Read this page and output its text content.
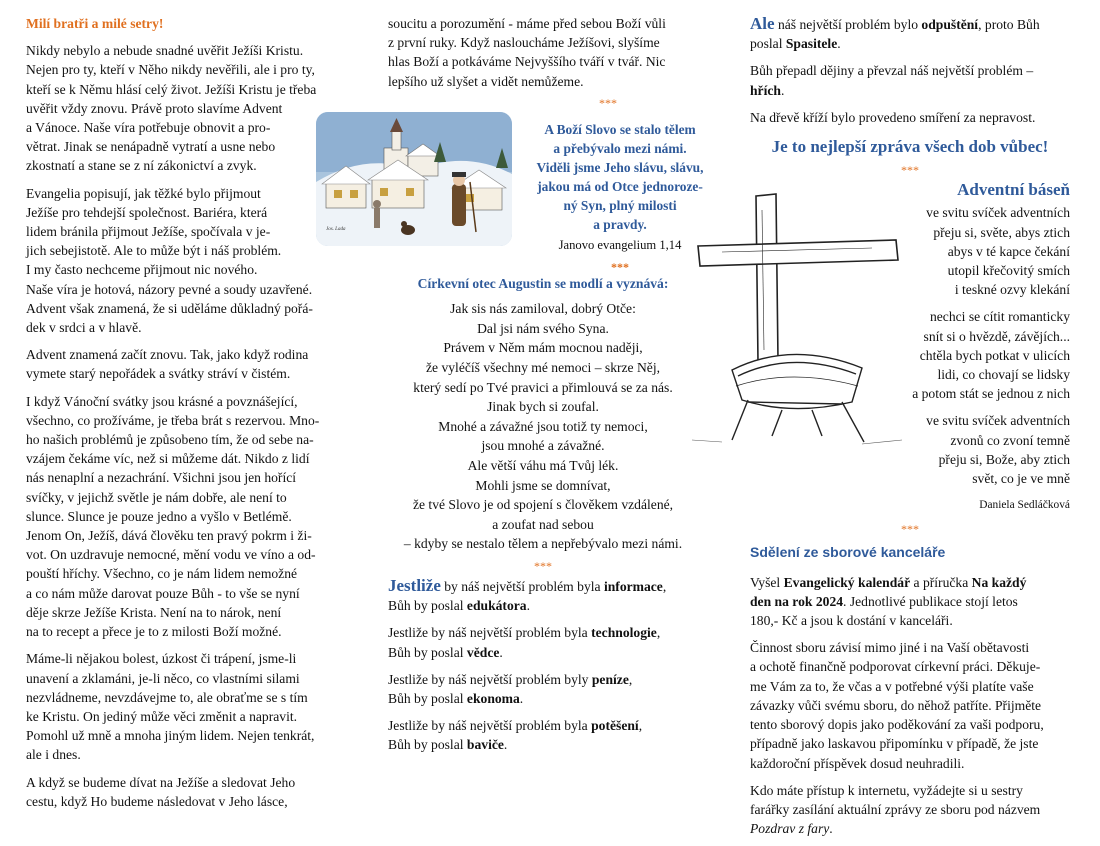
Milí bratři a milé setry!

Nikdy nebylo a nebude snadné uvěřit Ježíši Kristu.
Nejen pro ty, kteří v Něho nikdy nevěřili, ale i pro ty,
kteří se k Němu hlásí celý život. Ježíši Kristu je třeba
uvěřit vždy znovu. Právě proto slavíme Advent
a Vánoce. Naše víra potřebuje obnovit a pro-
větrat. Jinak se nenápadně vytratí a usne nebo
zkostnatí a stane se z ní zákonictví a zvyk.

Evangelia popisují, jak těžké bylo přijmout
Ježíše pro tehdejší společnost. Bariéra, která
lidem bránila přijmout Ježíše, spočívala v je-
jich sebejistotě. Ale to může být i náš problém.
I my často nechceme přijmout nic nového.
Naše víra je hotová, názory pevné a soudy uzavřené.
Advent však znamená, že si uděláme důkladný pořá-
dek v srdci a v hlavě.

Advent znamená začít znovu. Tak, jako když rodina
vymete starý nepořádek a svátky stráví v čistém.

I když Vánoční svátky jsou krásné a povznášející,
všechno, co prožíváme, je třeba brát s rezervou. Mno-
ho našich problémů je způsobeno tím, že od sebe na-
vzájem čekáme víc, než si můžeme dát. Nikdo z lidí
nás nenaplní a nezachrání. Všichni jsou jen hořící
svíčky, v jejichž světle je nám dobře, ale není to
slunce. Slunce je pouze jedno a vyšlo v Betlémě.
Jenom On, Ježíš, dává člověku ten pravý pokrm i ži-
vot. On uzdravuje nemocné, mění vodu ve víno a od-
pouští hříchy. Všechno, co je nám lidem nemožné
a co nám může darovat pouze Bůh - to vše se nyní
děje skrze Ježíše Krista. Není na to nárok, není
na to recept a přece je to z milosti Boží možné.

Máme-li nějakou bolest, úzkost či trápení, jsme-li
unavení a zklamáni, je-li něco, co vlastními silami
nezvládneme, nevzdávejme to, ale obraťme se s tím
ke Kristu. On jediný může věci změnit a napravit.
Pomohl už mně a mnoha jiným lidem. Nejen tenkrát,
ale i dnes.

A když se budeme dívat na Ježíše a sledovat Jeho
cestu, když Ho budeme následovat v Jeho lásce,

Jos. Lada

soucitu a porozumění - máme před sebou Boží vůli
z první ruky. Když nasloucháme Ježíšovi, slyšíme
hlas Boží a potkáváme Nejvyššího tváří v tvář. Nic
lepšího už slyšet a vidět nemůžeme.

***
A Boží Slovo se stalo tělem
a přebývalo mezi námi.
Viděli jsme Jeho slávu, slávu,
jakou má od Otce jednoroze-
ný Syn, plný milosti
a pravdy.

Janovo evangelium 1,14
***
Církevní otec Augustin se modlí a vyznává:
Jak sis nás zamiloval, dobrý Otče:
Dal jsi nám svého Syna.
Právem v Něm mám mocnou naději,
že vyléčíš všechny mé nemoci – skrze Něj,
který sedí po Tvé pravici a přimlouvá se za nás.
Jinak bych si zoufal.
Mnohé a závažné jsou totiž ty nemoci,
jsou mnohé a závažné.
Ale větší váhu má Tvůj lék.
Mohli jsme se domnívat,
že tvé Slovo je od spojení s člověkem vzdálené,
a zoufat nad sebou
– kdyby se nestalo tělem a nepřebývalo mezi námi.

***

Jestliže by náš největší problém byla informace,
Bůh by poslal edukátora.

Jestliže by náš největší problém byla technologie,
Bůh by poslal vědce.

Jestliže by náš největší problém byly peníze,
Bůh by poslal ekonoma.

Jestliže by náš největší problém byla potěšení,
Bůh by poslal baviče.

Ale náš největší problém bylo odpuštění, proto Bůh
poslal Spasitele.

Bůh přepadl dějiny a převzal náš největší problém –
hřích.

Na dřevě kříží bylo provedeno smíření za nepravost.

Je to nejlepší zpráva všech dob vůbec!
***
Adventní báseň
ve svitu svíček adventních
přeju si, světe, abys ztich
abys v té kapce čekání
utopil křečovitý smích
i teskné ozvy klekání
nechci se cítit romanticky
snít si o hvězdě, závějích...
chtěla bych potkat v ulicích
lidi, co chovají se lidsky
a potom stát se jednou z nich
ve svitu svíček adventních
zvonů co zvoní temně
přeju si, Bože, aby ztich
svět, co je ve mně
Daniela Sedláčková
***
Sdělení ze sborové kanceláře

Vyšel Evangelický kalendář a příručka Na každý
den na rok 2024. Jednotlivé publikace stojí letos
180,- Kč a jsou k dostání v kanceláři.

Činnost sboru závisí mimo jiné i na Vaší obětavosti
a ochotě finančně podporovat církevní práci. Děkuje-
me Vám za to, že včas a v potřebné výši platíte vaše
závazky vůči svému sboru, do něhož patříte. Přijměte
tento sborový dopis jako poděkování za vaši podporu,
případně jako laskavou připomínku v případě, že jste
každoroční příspěvek dosud neuhradili.

Kdo máte přístup k internetu, vyžádejte si u sestry
farářky zasílání aktuální zprávy ze sboru pod názvem
Pozdrav z fary.
